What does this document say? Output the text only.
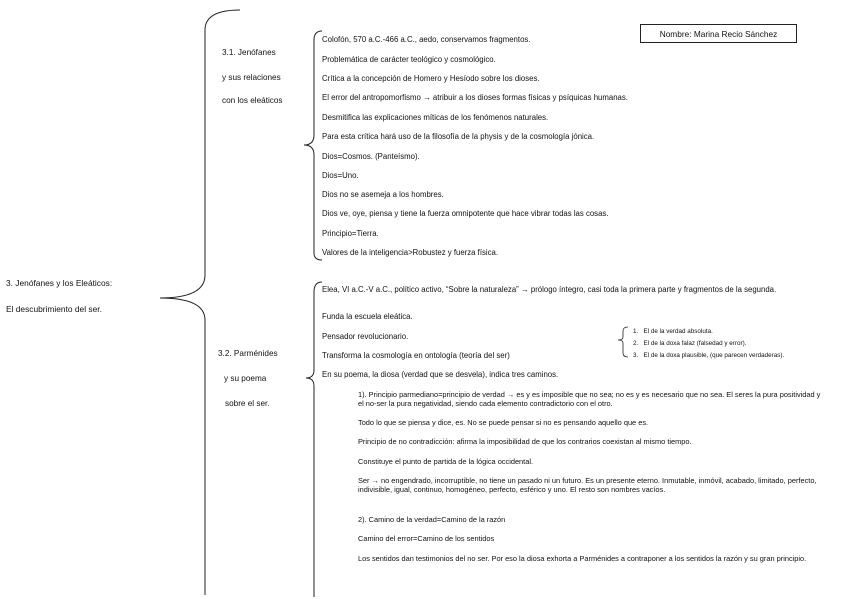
Nombre: Marina Recio Sánchez
3. Jenófanes y los Eleáticos:
El descubrimiento del ser.
3.1. Jenófanes
y sus relaciones
con los eleáticos
Colofón, 570 a.C.-466 a.C., aedo, conservamos fragmentos.
Problemática de carácter teológico y cosmológico.
Crítica a la concepción de Homero y Hesíodo sobre los dioses.
El error del antropomorfismo → atribuir a los dioses formas físicas y psíquicas humanas.
Desmitifica las explicaciones míticas de los fenómenos naturales.
Para esta crítica hará uso de la filosofía de la physis y de la cosmología jónica.
Dios=Cosmos. (Panteísmo).
Dios=Uno.
Dios no se asemeja a los hombres.
Dios ve, oye, piensa y tiene la fuerza omnipotente que hace vibrar todas las cosas.
Principio=Tierra.
Valores de la inteligencia>Robustez y fuerza física.
3.2. Parménides
y su poema
sobre el ser.
Elea, VI a.C.-V a.C., político activo, “Sobre la naturaleza” → prólogo íntegro, casi toda la primera parte y fragmentos de la segunda.
Funda la escuela eleática.
Pensador revolucionario.
Transforma la cosmología en ontología (teoría del ser)
En su poema, la diosa (verdad que se desvela), indica tres caminos.
1. El de la verdad absoluta.
2. El de la doxa falaz (falsedad y error).
3. El de la doxa plausible, (que parecen verdaderas).
1). Principio parmediano=principio de verdad → es y es imposible que no sea; no es y es necesario que no sea. El seres la pura positividad y el no-ser la pura negatividad, siendo cada elemento contradictorio con el otro.
Todo lo que se piensa y dice, es. No se puede pensar si no es pensando aquello que es.
Principio de no contradicción: afirma la imposibilidad de que los contrarios coexistan al mismo tiempo.
Constituye el punto de partida de la lógica occidental.
Ser → no engendrado, incorruptible, no tiene un pasado ni un futuro. Es un presente eterno. Inmutable, inmóvil, acabado, limitado, perfecto, indivisible, igual, continuo, homogéneo, perfecto, esférico y uno. El resto son nombres vacíos.
2). Camino de la verdad=Camino de la razón
Camino del error=Camino de los sentidos
Los sentidos dan testimonios del no ser. Por eso la diosa exhorta a Parménides a contraponer a los sentidos la razón y su gran principio.
